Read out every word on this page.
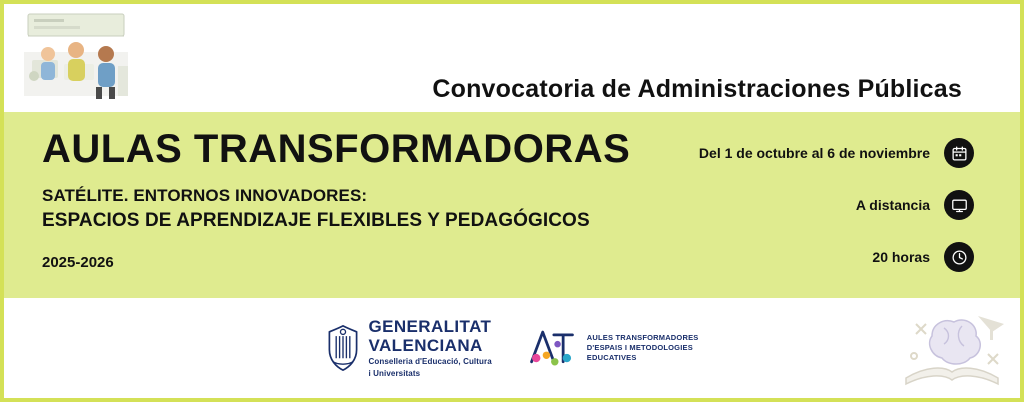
Convocatoria de Administraciones Públicas
AULAS TRANSFORMADORAS
SATÉLITE. ENTORNOS INNOVADORES:
ESPACIOS DE APRENDIZAJE FLEXIBLES Y PEDAGÓGICOS
2025-2026
Del 1 de octubre al 6 de noviembre
A distancia
20 horas
GENERALITAT
VALENCIANA
Conselleria d'Educació, Cultura
i Universitats
AULES TRANSFORMADORES
D'ESPAIS I METODOLOGIES
EDUCATIVES
